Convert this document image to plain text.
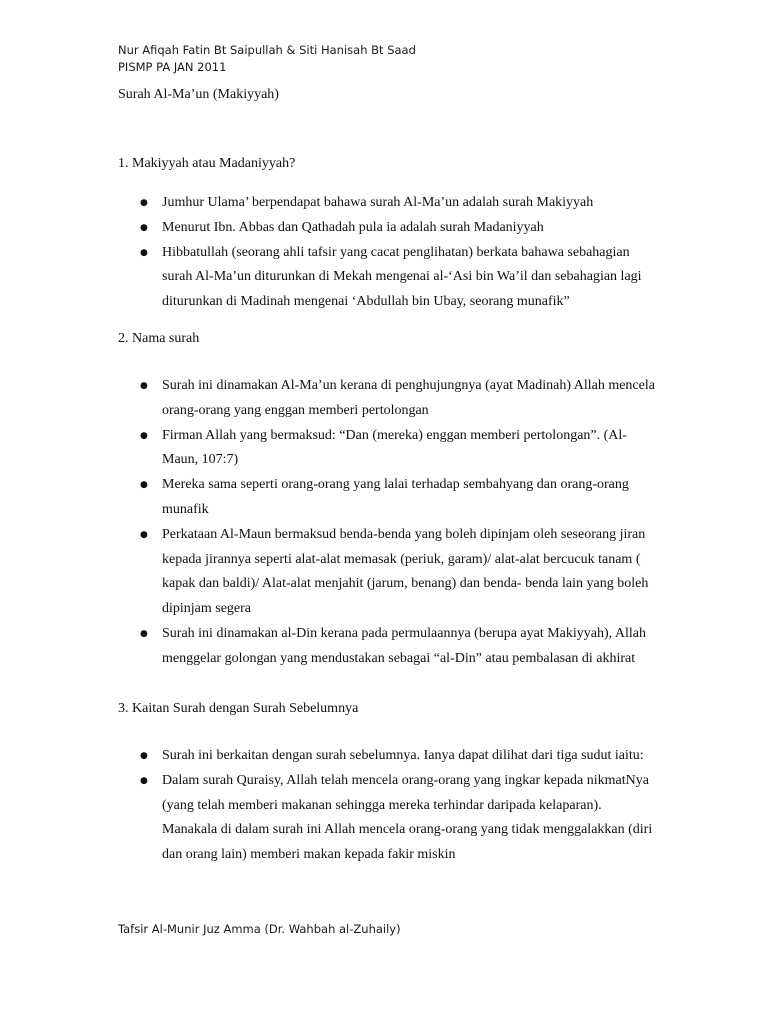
Nur Afiqah Fatin Bt Saipullah & Siti Hanisah Bt Saad
PISMP PA JAN 2011
Surah Al-Ma’un (Makiyyah)

1. Makiyyah atau Madaniyyah?

● Jumhur Ulama’ berpendapat bahawa surah Al-Ma’un adalah surah Makiyyah
● Menurut Ibn. Abbas dan Qathadah pula ia adalah surah Madaniyyah
● Hibbatullah (seorang ahli tafsir yang cacat penglihatan) berkata bahawa sebahagian surah Al-Ma’un diturunkan di Mekah mengenai al-‘Asi bin Wa’il dan sebahagian lagi diturunkan di Madinah mengenai ‘Abdullah bin Ubay, seorang munafik”

2. Nama surah

● Surah ini dinamakan Al-Ma’un kerana di penghujungnya (ayat Madinah) Allah mencela orang-orang yang enggan memberi pertolongan
● Firman Allah yang bermaksud: “Dan (mereka) enggan memberi pertolongan”. (Al-Maun, 107:7)
● Mereka sama seperti orang-orang yang lalai terhadap sembahyang dan orang-orang munafik
● Perkataan Al-Maun bermaksud benda-benda yang boleh dipinjam oleh seseorang jiran kepada jirannya seperti alat-alat memasak (periuk, garam)/ alat-alat bercucuk tanam ( kapak dan baldi)/ Alat-alat menjahit (jarum, benang) dan benda- benda lain yang boleh dipinjam segera
● Surah ini dinamakan al-Din kerana pada permulaannya (berupa ayat Makiyyah), Allah menggelar golongan yang mendustakan sebagai “al-Din” atau pembalasan di akhirat

3. Kaitan Surah dengan Surah Sebelumnya

● Surah ini berkaitan dengan surah sebelumnya. Ianya dapat dilihat dari tiga sudut iaitu:
● Dalam surah Quraisy, Allah telah mencela orang-orang yang ingkar kepada nikmatNya (yang telah memberi makanan sehingga mereka terhindar daripada kelaparan). Manakala di dalam surah ini Allah mencela orang-orang yang tidak menggalakkan (diri dan orang lain) memberi makan kepada fakir miskin
Tafsir Al-Munir Juz Amma (Dr. Wahbah al-Zuhaily)
